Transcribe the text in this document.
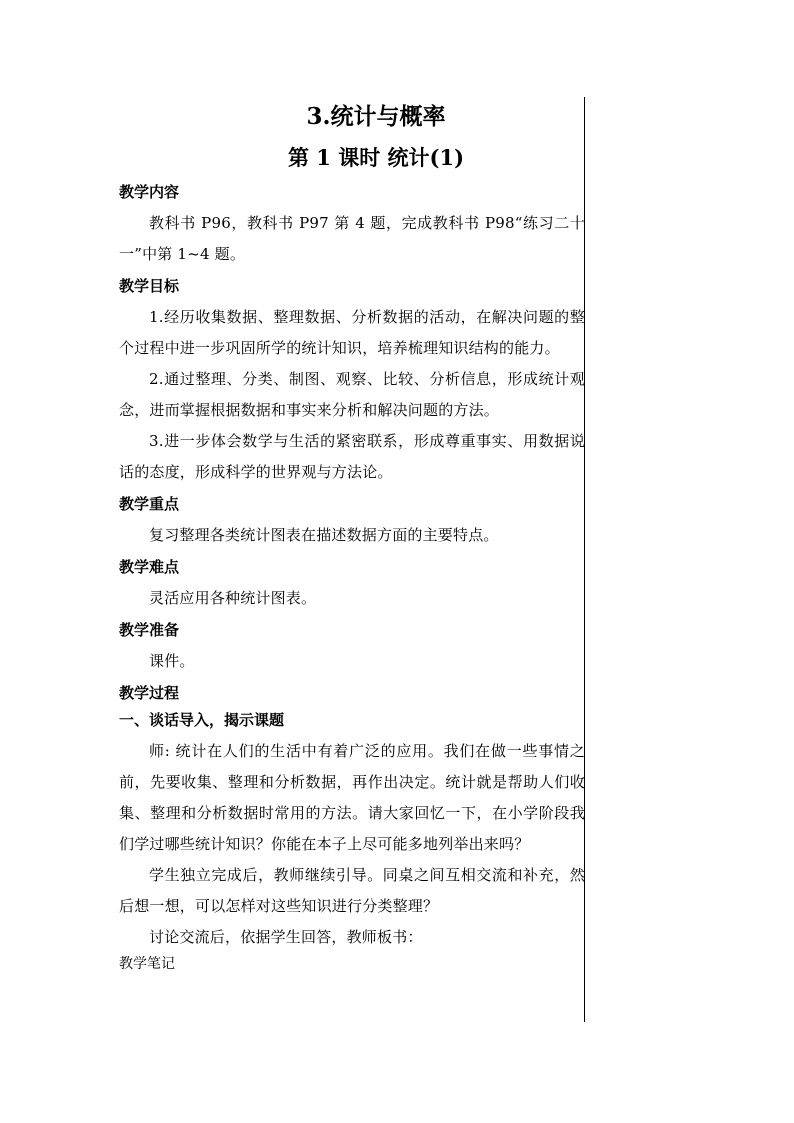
3.统计与概率
第 1 课时 统计(1)

教学内容

教科书 P96，教科书 P97 第 4 题，完成教科书 P98“练习二十一”中第 1~4 题。

教学目标

1.经历收集数据、整理数据、分析数据的活动，在解决问题的整个过程中进一步巩固所学的统计知识，培养梳理知识结构的能力。

2.通过整理、分类、制图、观察、比较、分析信息，形成统计观念，进而掌握根据数据和事实来分析和解决问题的方法。

3.进一步体会数学与生活的紧密联系，形成尊重事实、用数据说话的态度，形成科学的世界观与方法论。

教学重点

复习整理各类统计图表在描述数据方面的主要特点。

教学难点

灵活应用各种统计图表。

教学准备

课件。

教学过程

一、谈话导入，揭示课题

师: 统计在人们的生活中有着广泛的应用。我们在做一些事情之前，先要收集、整理和分析数据，再作出决定。统计就是帮助人们收集、整理和分析数据时常用的方法。请大家回忆一下，在小学阶段我们学过哪些统计知识？你能在本子上尽可能多地列举出来吗？

学生独立完成后，教师继续引导。同桌之间互相交流和补充，然后想一想，可以怎样对这些知识进行分类整理？

讨论交流后，依据学生回答，教师板书：

教学笔记
